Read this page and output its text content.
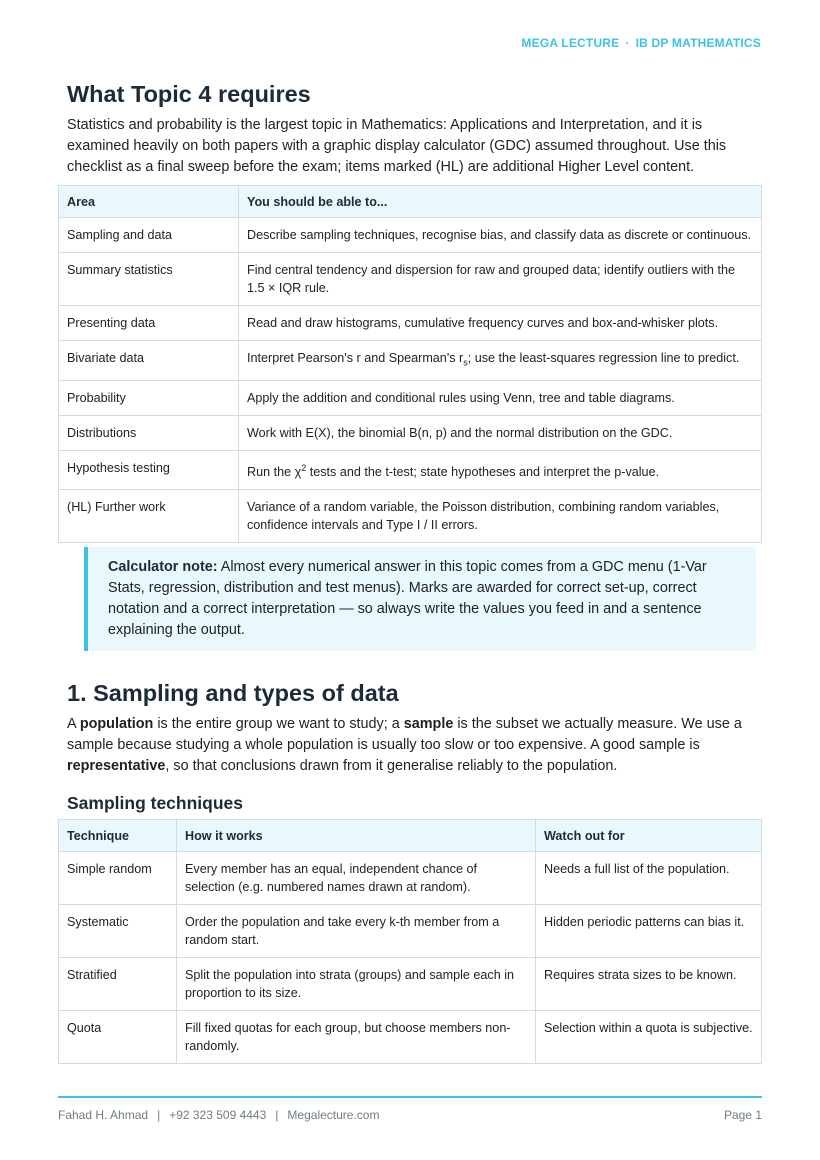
MEGA LECTURE · IB DP MATHEMATICS
What Topic 4 requires

Statistics and probability is the largest topic in Mathematics: Applications and Interpretation, and it is examined heavily on both papers with a graphic display calculator (GDC) assumed throughout. Use this checklist as a final sweep before the exam; items marked (HL) are additional Higher Level content.

Area	You should be able to...
Sampling and data	Describe sampling techniques, recognise bias, and classify data as discrete or continuous.
Summary statistics	Find central tendency and dispersion for raw and grouped data; identify outliers with the 1.5 × IQR rule.
Presenting data	Read and draw histograms, cumulative frequency curves and box-and-whisker plots.
Bivariate data	Interpret Pearson's r and Spearman's $r_s$; use the least-squares regression line to predict.
Probability	Apply the addition and conditional rules using Venn, tree and table diagrams.
Distributions	Work with E(X), the binomial B(n, p) and the normal distribution on the GDC.
Hypothesis testing	Run the $\chi^2$ tests and the t-test; state hypotheses and interpret the p-value.
(HL) Further work	Variance of a random variable, the Poisson distribution, combining random variables, confidence intervals and Type I / II errors.
Calculator note: Almost every numerical answer in this topic comes from a GDC menu (1-Var Stats, regression, distribution and test menus). Marks are awarded for correct set-up, correct notation and a correct interpretation — so always write the values you feed in and a sentence explaining the output.
1. Sampling and types of data

A population is the entire group we want to study; a sample is the subset we actually measure. We use a sample because studying a whole population is usually too slow or too expensive. A good sample is representative, so that conclusions drawn from it generalise reliably to the population.

Sampling techniques
Technique	How it works	Watch out for
Simple random	Every member has an equal, independent chance of selection (e.g. numbered names drawn at random).	Needs a full list of the population.
Systematic	Order the population and take every k-th member from a random start.	Hidden periodic patterns can bias it.
Stratified	Split the population into strata (groups) and sample each in proportion to its size.	Requires strata sizes to be known.
Quota	Fill fixed quotas for each group, but choose members non-randomly.	Selection within a quota is subjective.
Fahad H. Ahmad | +92 323 509 4443 | Megalecture.com	Page 1
